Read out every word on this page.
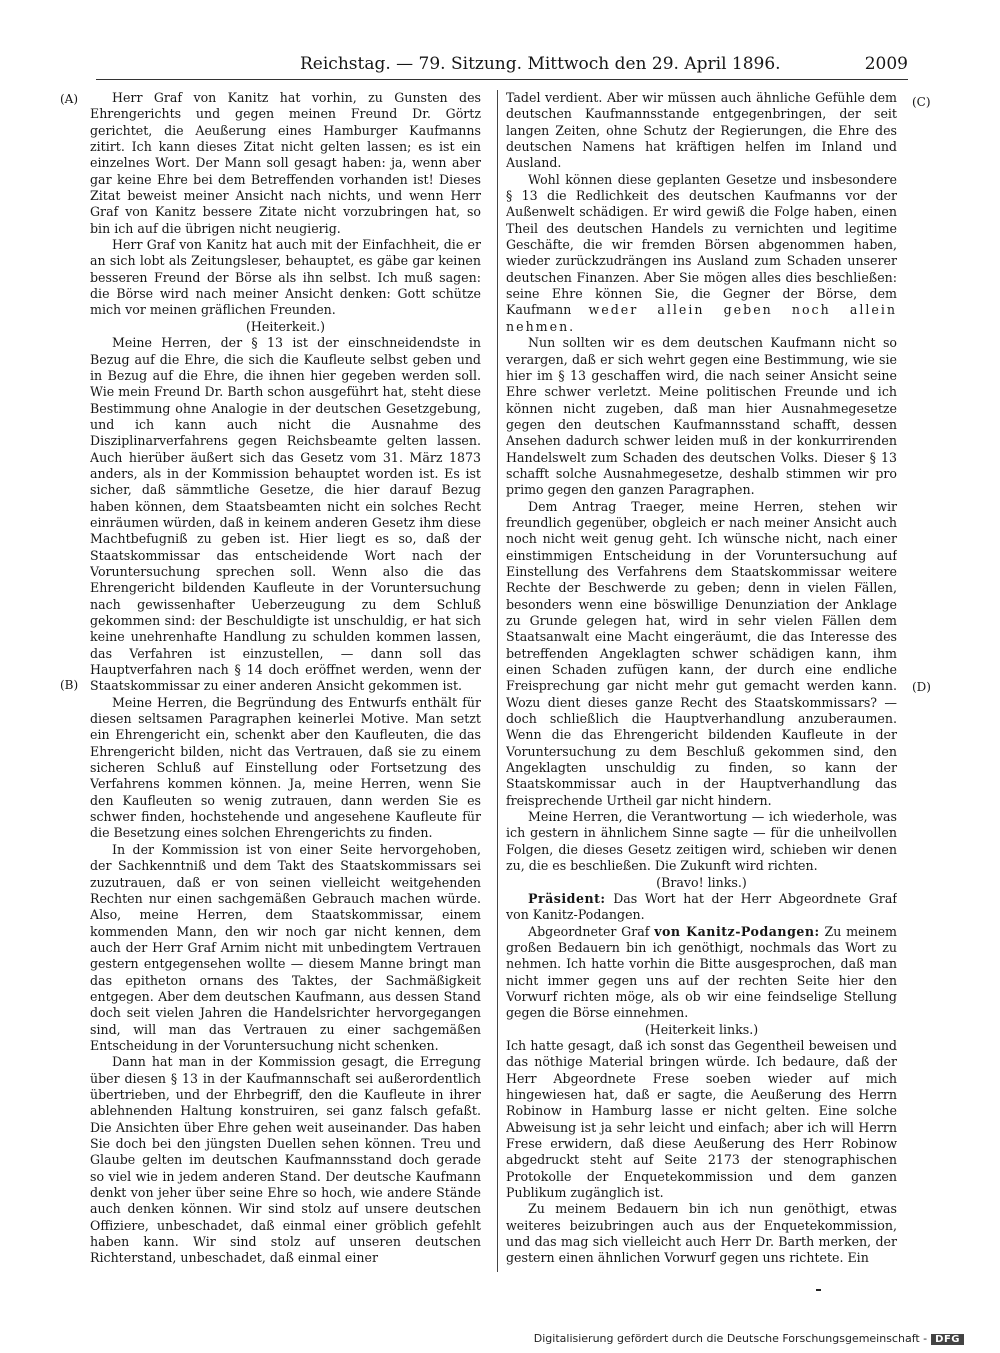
Reichstag. — 79. Sitzung. Mittwoch den 29. April 1896.	2009
(A)
(B)
(C)
(D)

Herr Graf von Kanitz hat vorhin, zu Gunsten des Ehrengerichts und gegen meinen Freund Dr. Görtz gerichtet, die Aeußerung eines Hamburger Kaufmanns zitirt. Ich kann dieses Zitat nicht gelten lassen; es ist ein einzelnes Wort. Der Mann soll gesagt haben: ja, wenn aber gar keine Ehre bei dem Betreffenden vorhanden ist! Dieses Zitat beweist meiner Ansicht nach nichts, und wenn Herr Graf von Kanitz bessere Zitate nicht vorzubringen hat, so bin ich auf die übrigen nicht neugierig.

Herr Graf von Kanitz hat auch mit der Einfachheit, die er an sich lobt als Zeitungsleser, behauptet, es gäbe gar keinen besseren Freund der Börse als ihn selbst. Ich muß sagen: die Börse wird nach meiner Ansicht denken: Gott schütze mich vor meinen gräflichen Freunden.

(Heiterkeit.)

Meine Herren, der § 13 ist der einschneidendste in Bezug auf die Ehre, die sich die Kaufleute selbst geben und in Bezug auf die Ehre, die ihnen hier gegeben werden soll. Wie mein Freund Dr. Barth schon ausgeführt hat, steht diese Bestimmung ohne Analogie in der deutschen Gesetzgebung, und ich kann auch nicht die Ausnahme des Disziplinarverfahrens gegen Reichsbeamte gelten lassen. Auch hierüber äußert sich das Gesetz vom 31. März 1873 anders, als in der Kommission behauptet worden ist. Es ist sicher, daß sämmtliche Gesetze, die hier darauf Bezug haben können, dem Staatsbeamten nicht ein solches Recht einräumen würden, daß in keinem anderen Gesetz ihm diese Machtbefugniß zu geben ist. Hier liegt es so, daß der Staatskommissar das entscheidende Wort nach der Voruntersuchung sprechen soll. Wenn also die das Ehrengericht bildenden Kaufleute in der Voruntersuchung nach gewissenhafter Ueberzeugung zu dem Schluß gekommen sind: der Beschuldigte ist unschuldig, er hat sich keine unehrenhafte Handlung zu schulden kommen lassen, das Verfahren ist einzustellen, — dann soll das Hauptverfahren nach § 14 doch eröffnet werden, wenn der Staatskommissar zu einer anderen Ansicht gekommen ist.

Meine Herren, die Begründung des Entwurfs enthält für diesen seltsamen Paragraphen keinerlei Motive. Man setzt ein Ehrengericht ein, schenkt aber den Kaufleuten, die das Ehrengericht bilden, nicht das Vertrauen, daß sie zu einem sicheren Schluß auf Einstellung oder Fortsetzung des Verfahrens kommen können. Ja, meine Herren, wenn Sie den Kaufleuten so wenig zutrauen, dann werden Sie es schwer finden, hochstehende und angesehene Kaufleute für die Besetzung eines solchen Ehrengerichts zu finden.

In der Kommission ist von einer Seite hervorgehoben, der Sachkenntniß und dem Takt des Staatskommissars sei zuzutrauen, daß er von seinen vielleicht weitgehenden Rechten nur einen sachgemäßen Gebrauch machen würde. Also, meine Herren, dem Staatskommissar, einem kommenden Mann, den wir noch gar nicht kennen, dem auch der Herr Graf Arnim nicht mit unbedingtem Vertrauen gestern entgegensehen wollte — diesem Manne bringt man das epitheton ornans des Taktes, der Sachmäßigkeit entgegen. Aber dem deutschen Kaufmann, aus dessen Stand doch seit vielen Jahren die Handelsrichter hervorgegangen sind, will man das Vertrauen zu einer sachgemäßen Entscheidung in der Voruntersuchung nicht schenken.

Dann hat man in der Kommission gesagt, die Erregung über diesen § 13 in der Kaufmannschaft sei außerordentlich übertrieben, und der Ehrbegriff, den die Kaufleute in ihrer ablehnenden Haltung konstruiren, sei ganz falsch gefaßt. Die Ansichten über Ehre gehen weit auseinander. Das haben Sie doch bei den jüngsten Duellen sehen können. Treu und Glaube gelten im deutschen Kaufmannsstand doch gerade so viel wie in jedem anderen Stand. Der deutsche Kaufmann denkt von jeher über seine Ehre so hoch, wie andere Stände auch denken können. Wir sind stolz auf unsere deutschen Offiziere, unbeschadet, daß einmal einer gröblich gefehlt haben kann. Wir sind stolz auf unseren deutschen Richterstand, unbeschadet, daß einmal einer

Tadel verdient. Aber wir müssen auch ähnliche Gefühle dem deutschen Kaufmannsstande entgegenbringen, der seit langen Zeiten, ohne Schutz der Regierungen, die Ehre des deutschen Namens hat kräftigen helfen im Inland und Ausland.

Wohl können diese geplanten Gesetze und insbesondere § 13 die Redlichkeit des deutschen Kaufmanns vor der Außenwelt schädigen. Er wird gewiß die Folge haben, einen Theil des deutschen Handels zu vernichten und legitime Geschäfte, die wir fremden Börsen abgenommen haben, wieder zurückzudrängen ins Ausland zum Schaden unserer deutschen Finanzen. Aber Sie mögen alles dies beschließen: seine Ehre können Sie, die Gegner der Börse, dem Kaufmann weder allein geben noch allein nehmen.

Nun sollten wir es dem deutschen Kaufmann nicht so verargen, daß er sich wehrt gegen eine Bestimmung, wie sie hier im § 13 geschaffen wird, die nach seiner Ansicht seine Ehre schwer verletzt. Meine politischen Freunde und ich können nicht zugeben, daß man hier Ausnahmegesetze gegen den deutschen Kaufmannsstand schafft, dessen Ansehen dadurch schwer leiden muß in der konkurrirenden Handelswelt zum Schaden des deutschen Volks. Dieser § 13 schafft solche Ausnahmegesetze, deshalb stimmen wir pro primo gegen den ganzen Paragraphen.

Dem Antrag Traeger, meine Herren, stehen wir freundlich gegenüber, obgleich er nach meiner Ansicht auch noch nicht weit genug geht. Ich wünsche nicht, nach einer einstimmigen Entscheidung in der Voruntersuchung auf Einstellung des Verfahrens dem Staatskommissar weitere Rechte der Beschwerde zu geben; denn in vielen Fällen, besonders wenn eine böswillige Denunziation der Anklage zu Grunde gelegen hat, wird in sehr vielen Fällen dem Staatsanwalt eine Macht eingeräumt, die das Interesse des betreffenden Angeklagten schwer schädigen kann, ihm einen Schaden zufügen kann, der durch eine endliche Freisprechung gar nicht mehr gut gemacht werden kann. Wozu dient dieses ganze Recht des Staatskommissars? — doch schließlich die Hauptverhandlung anzuberaumen. Wenn die das Ehrengericht bildenden Kaufleute in der Voruntersuchung zu dem Beschluß gekommen sind, den Angeklagten unschuldig zu finden, so kann der Staatskommissar auch in der Hauptverhandlung das freisprechende Urtheil gar nicht hindern.

Meine Herren, die Verantwortung — ich wiederhole, was ich gestern in ähnlichem Sinne sagte — für die unheilvollen Folgen, die dieses Gesetz zeitigen wird, schieben wir denen zu, die es beschließen. Die Zukunft wird richten.

(Bravo! links.)

Präsident: Das Wort hat der Herr Abgeordnete Graf von Kanitz-Podangen.

Abgeordneter Graf von Kanitz-Podangen: Zu meinem großen Bedauern bin ich genöthigt, nochmals das Wort zu nehmen. Ich hatte vorhin die Bitte ausgesprochen, daß man nicht immer gegen uns auf der rechten Seite hier den Vorwurf richten möge, als ob wir eine feindselige Stellung gegen die Börse einnehmen.

(Heiterkeit links.)

Ich hatte gesagt, daß ich sonst das Gegentheil beweisen und das nöthige Material bringen würde. Ich bedaure, daß der Herr Abgeordnete Frese soeben wieder auf mich hingewiesen hat, daß er sagte, die Aeußerung des Herrn Robinow in Hamburg lasse er nicht gelten. Eine solche Abweisung ist ja sehr leicht und einfach; aber ich will Herrn Frese erwidern, daß diese Aeußerung des Herr Robinow abgedruckt steht auf Seite 2173 der stenographischen Protokolle der Enquetekommission und dem ganzen Publikum zugänglich ist.

Zu meinem Bedauern bin ich nun genöthigt, etwas weiteres beizubringen auch aus der Enquetekommission, und das mag sich vielleicht auch Herr Dr. Barth merken, der gestern einen ähnlichen Vorwurf gegen uns richtete. Ein

Digitalisierung gefördert durch die Deutsche Forschungsgemeinschaft - DFG
